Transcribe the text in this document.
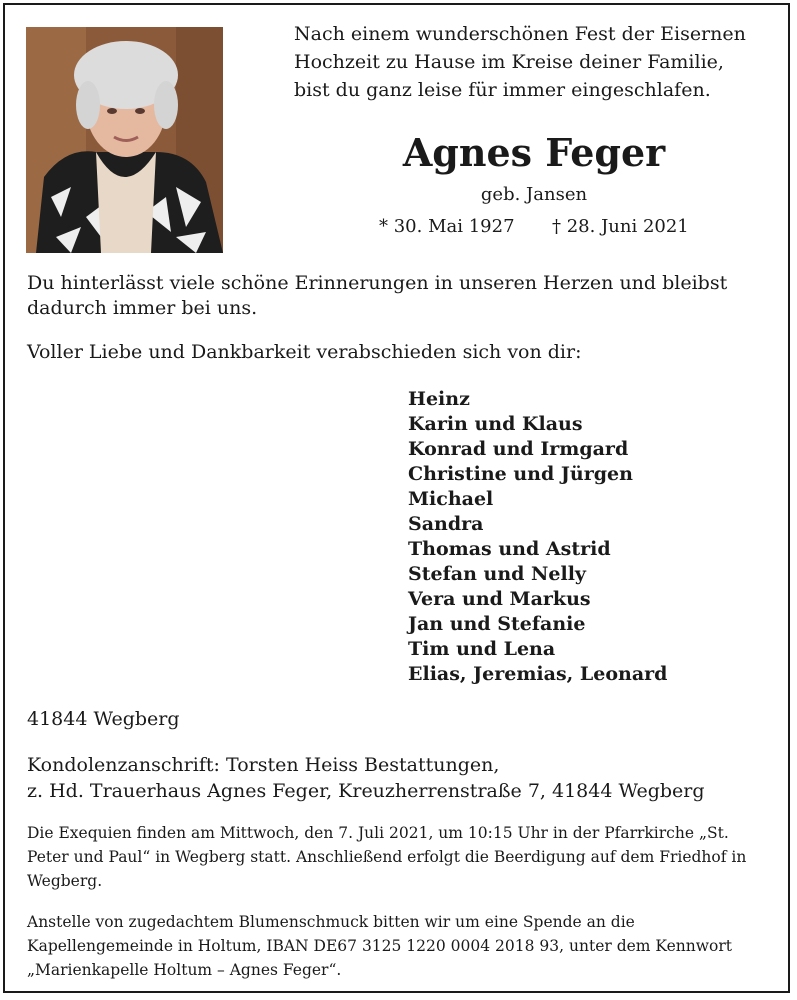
Nach einem wunderschönen Fest der Eisernen Hochzeit zu Hause im Kreise deiner Familie, bist du ganz leise für immer eingeschlafen.
Agnes Feger
geb. Jansen
* 30. Mai 1927 † 28. Juni 2021
Du hinterlässt viele schöne Erinnerungen in unseren Herzen und bleibst dadurch immer bei uns.
Voller Liebe und Dankbarkeit verabschieden sich von dir:
Heinz
Karin und Klaus
Konrad und Irmgard
Christine und Jürgen
Michael
Sandra
Thomas und Astrid
Stefan und Nelly
Vera und Markus
Jan und Stefanie
Tim und Lena
Elias, Jeremias, Leonard
41844 Wegberg
Kondolenzanschrift: Torsten Heiss Bestattungen,
z. Hd. Trauerhaus Agnes Feger, Kreuzherrenstraße 7, 41844 Wegberg
Die Exequien finden am Mittwoch, den 7. Juli 2021, um 10:15 Uhr in der Pfarrkirche „St. Peter und Paul“ in Wegberg statt. Anschließend erfolgt die Beerdigung auf dem Friedhof in Wegberg.
Anstelle von zugedachtem Blumenschmuck bitten wir um eine Spende an die Kapellengemeinde in Holtum, IBAN DE67 3125 1220 0004 2018 93, unter dem Kennwort „Marienkapelle Holtum – Agnes Feger“.
